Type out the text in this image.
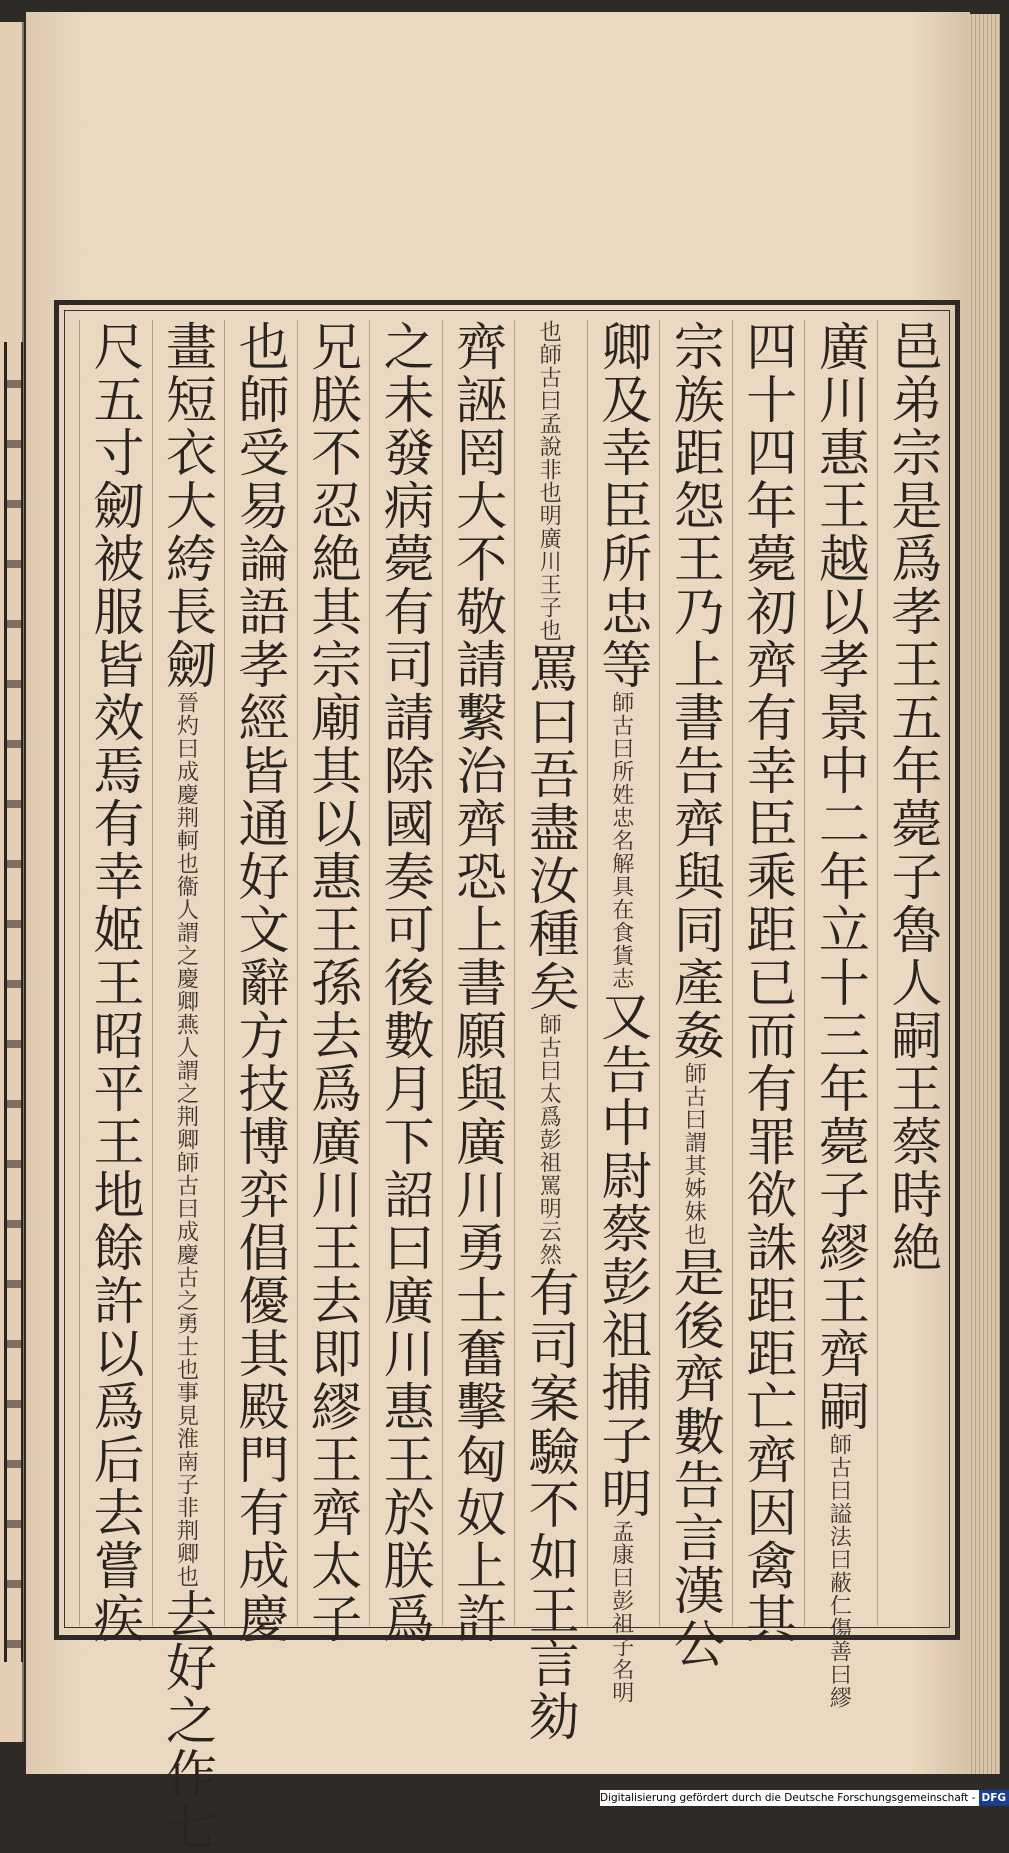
邑弟宗是爲孝王五年薨子魯人嗣王蔡時絶
廣川惠王越以孝景中二年立十三年薨子繆王齊嗣師古曰謚法曰蔽仁傷善曰繆
四十四年薨初齊有幸臣乘距已而有罪欲誅距距亡齊因禽其
宗族距怨王乃上書告齊與同產姦師古曰謂其姊妹也是後齊數告言漢公
卿及幸臣所忠等師古曰所姓忠名解具在食貨志又告中尉蔡彭祖捕子明孟康曰彭祖子名明
也師古曰孟說非也明廣川王子也罵曰吾盡汝種矣師古曰太爲彭祖罵明云然有司案驗不如王言劾
齊誣罔大不敬請繫治齊恐上書願與廣川勇士奮擊匈奴上許
之未發病薨有司請除國奏可後數月下詔曰廣川惠王於朕爲
兄朕不忍絶其宗廟其以惠王孫去爲廣川王去即繆王齊太子
也師受易論語孝經皆通好文辭方技博弈倡優其殿門有成慶
畫短衣大絝長劒晉灼曰成慶荆軻也衞人謂之慶卿燕人謂之荆卿師古曰成慶古之勇士也事見淮南子非荆卿也去好之作七
尺五寸劒被服皆效焉有幸姬王昭平王地餘許以爲后去嘗疾
Digitalisierung gefördert durch die Deutsche Forschungsgemeinschaft - DFG
